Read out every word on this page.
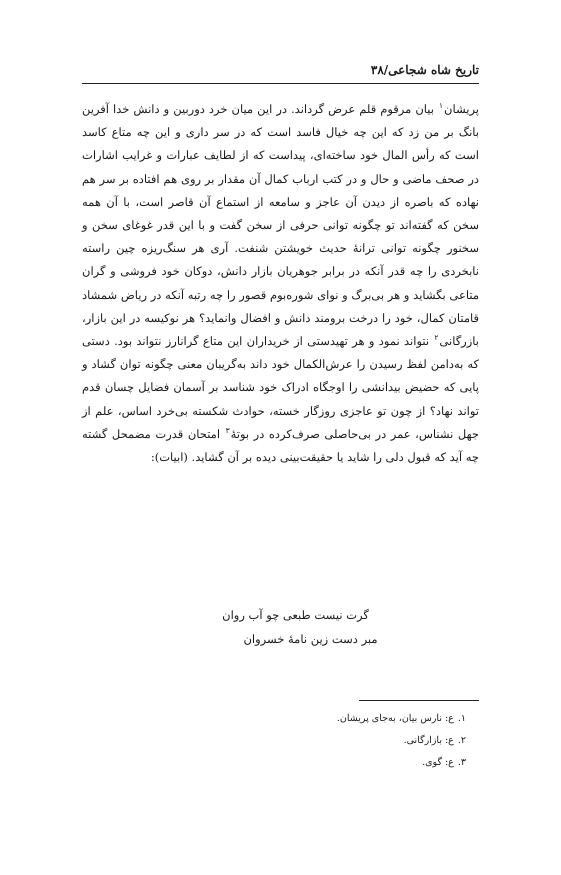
تاریخ شاه شجاعی/۳۸

پریشان$^۱$ بیان مرقوم قلم عرض گرداند. در این میان خرد دوربین و دانش خدا آفرین بانگ بر من زد که این چه خیال فاسد است که در سر داری و این چه متاع کاسد است که رأس المال خود ساخته‌ای، پیداست که از لطایف عبارات و غرایب اشارات در صحف ماضی و حال و در کتب ارباب کمال آن مقدار بر روی هم افتاده بر سر هم نهاده که باصره از دیدن آن عاجز و سامعه از استماع آن قاصر است، با آن همه سخن که گفته‌اند تو چگونه توانی حرفی از سخن گفت و با این قدر غوغای سخن و سخنور چگونه توانی ترانهٔ حدیث خویشتن شنفت. آری هر سنگ‌ریزه چین راسته نابخردی را چه قدر آنکه در برابر جوهریان بازار دانش، دوکان خود فروشی و گران متاعی بگشاید و هر بی‌برگ و نوای شوره‌بوم قصور را چه رتبه آنکه در ریاض شمشاد قامتان کمال، خود را درخت برومند دانش و افضال وانماید؟ هر نوکیسه در این بازار، بازرگانی$^۲$ نتواند نمود و هر تهیدستی از خریداران این متاع گرانارز نتواند بود. دستی که به‌دامن لفظ رسیدن را عرش‌الکمال خود داند به‌گریبان معنی چگونه توان گشاد و پایی که حضیض بیدانشی را اوجگاه ادراک خود شناسد بر آسمان فضایل چسان قدم تواند نهاد؟ از چون تو عاجزی روزگار خسته، حوادث شکسته بی‌خرد اساس، علم از جهل نشناس، عمر در بی‌حاصلی صرف‌کرده در بوتهٔ$^۳$ امتحان قدرت مضمحل گشته چه آید که قبول دلی را شاید یا حقیقت‌بینی دیده بر آن گشاید. (ابیات):

گرت نیست طبعی چو آب روان
مبر دست زین نامهٔ خسروان
۱.ع: نارس بیان، به‌جای پریشان.
۲.ع: بازارگانی.
۳.ع: گوی.
